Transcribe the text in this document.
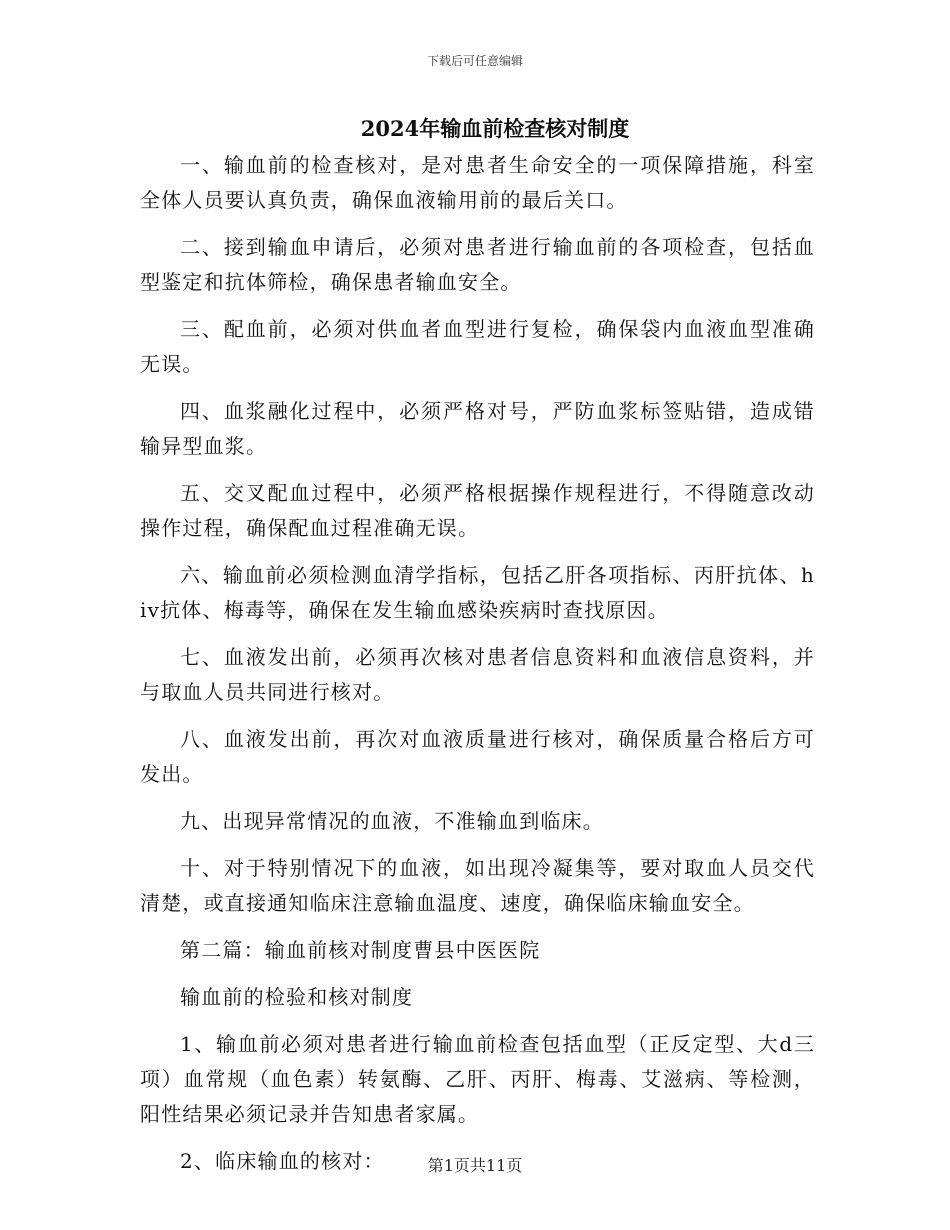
下载后可任意编辑
2024年输血前检查核对制度

一、输血前的检查核对，是对患者生命安全的一项保障措施，科室全体人员要认真负责，确保血液输用前的最后关口。

二、接到输血申请后，必须对患者进行输血前的各项检查，包括血型鉴定和抗体筛检，确保患者输血安全。

三、配血前，必须对供血者血型进行复检，确保袋内血液血型准确无误。

四、血浆融化过程中，必须严格对号，严防血浆标签贴错，造成错输异型血浆。

五、交叉配血过程中，必须严格根据操作规程进行，不得随意改动操作过程，确保配血过程准确无误。

六、输血前必须检测血清学指标，包括乙肝各项指标、丙肝抗体、hiv抗体、梅毒等，确保在发生输血感染疾病时查找原因。

七、血液发出前，必须再次核对患者信息资料和血液信息资料，并与取血人员共同进行核对。

八、血液发出前，再次对血液质量进行核对，确保质量合格后方可发出。

九、出现异常情况的血液，不准输血到临床。

十、对于特别情况下的血液，如出现冷凝集等，要对取血人员交代清楚，或直接通知临床注意输血温度、速度，确保临床输血安全。

第二篇：输血前核对制度曹县中医医院

输血前的检验和核对制度

1、输血前必须对患者进行输血前检查包括血型（正反定型、大d三项）血常规（血色素）转氨酶、乙肝、丙肝、梅毒、艾滋病、等检测，阳性结果必须记录并告知患者家属。

2、临床输血的核对：	第1页共11页
